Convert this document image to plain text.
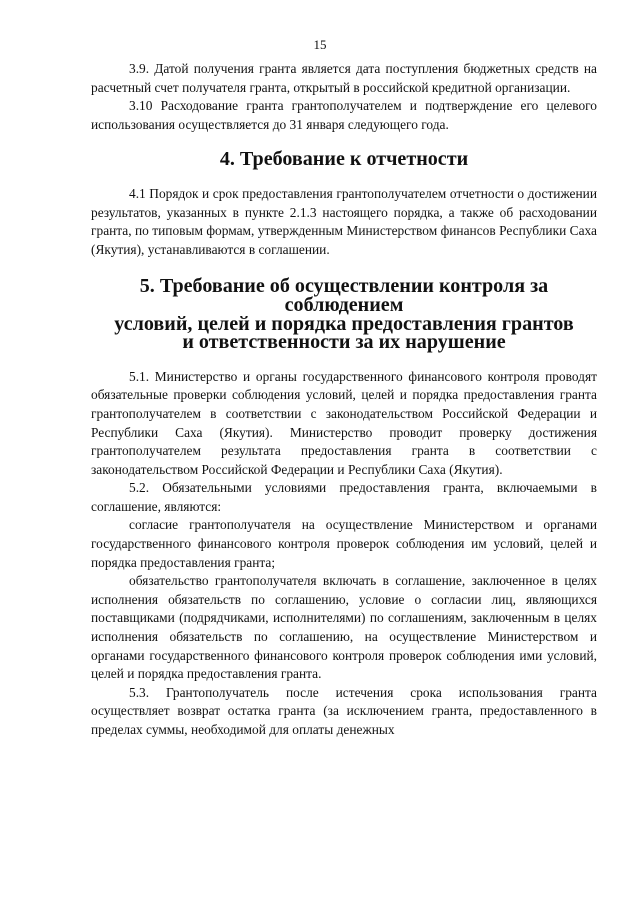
15

3.9. Датой получения гранта является дата поступления бюджетных средств на расчетный счет получателя гранта, открытый в российской кредитной организации.

3.10 Расходование гранта грантополучателем и подтверждение его целевого использования осуществляется до 31 января следующего года.

4. Требование к отчетности

4.1 Порядок и срок предоставления грантополучателем отчетности о достижении результатов, указанных в пункте 2.1.3 настоящего порядка, а также об расходовании гранта, по типовым формам, утвержденным Министерством финансов Республики Саха (Якутия), устанавливаются в соглашении.

5. Требование об осуществлении контроля за соблюдением
условий, целей и порядка предоставления грантов
и ответственности за их нарушение

5.1. Министерство и органы государственного финансового контроля проводят обязательные проверки соблюдения условий, целей и порядка предоставления гранта грантополучателем в соответствии с законодательством Российской Федерации и Республики Саха (Якутия). Министерство проводит проверку достижения грантополучателем результата предоставления гранта в соответствии с законодательством Российской Федерации и Республики Саха (Якутия).

5.2. Обязательными условиями предоставления гранта, включаемыми в соглашение, являются:

согласие грантополучателя на осуществление Министерством и органами государственного финансового контроля проверок соблюдения им условий, целей и порядка предоставления гранта;

обязательство грантополучателя включать в соглашение, заключенное в целях исполнения обязательств по соглашению, условие о согласии лиц, являющихся поставщиками (подрядчиками, исполнителями) по соглашениям, заключенным в целях исполнения обязательств по соглашению, на осуществление Министерством и органами государственного финансового контроля проверок соблюдения ими условий, целей и порядка предоставления гранта.

5.3. Грантополучатель после истечения срока использования гранта осуществляет возврат остатка гранта (за исключением гранта, предоставленного в пределах суммы, необходимой для оплаты денежных
